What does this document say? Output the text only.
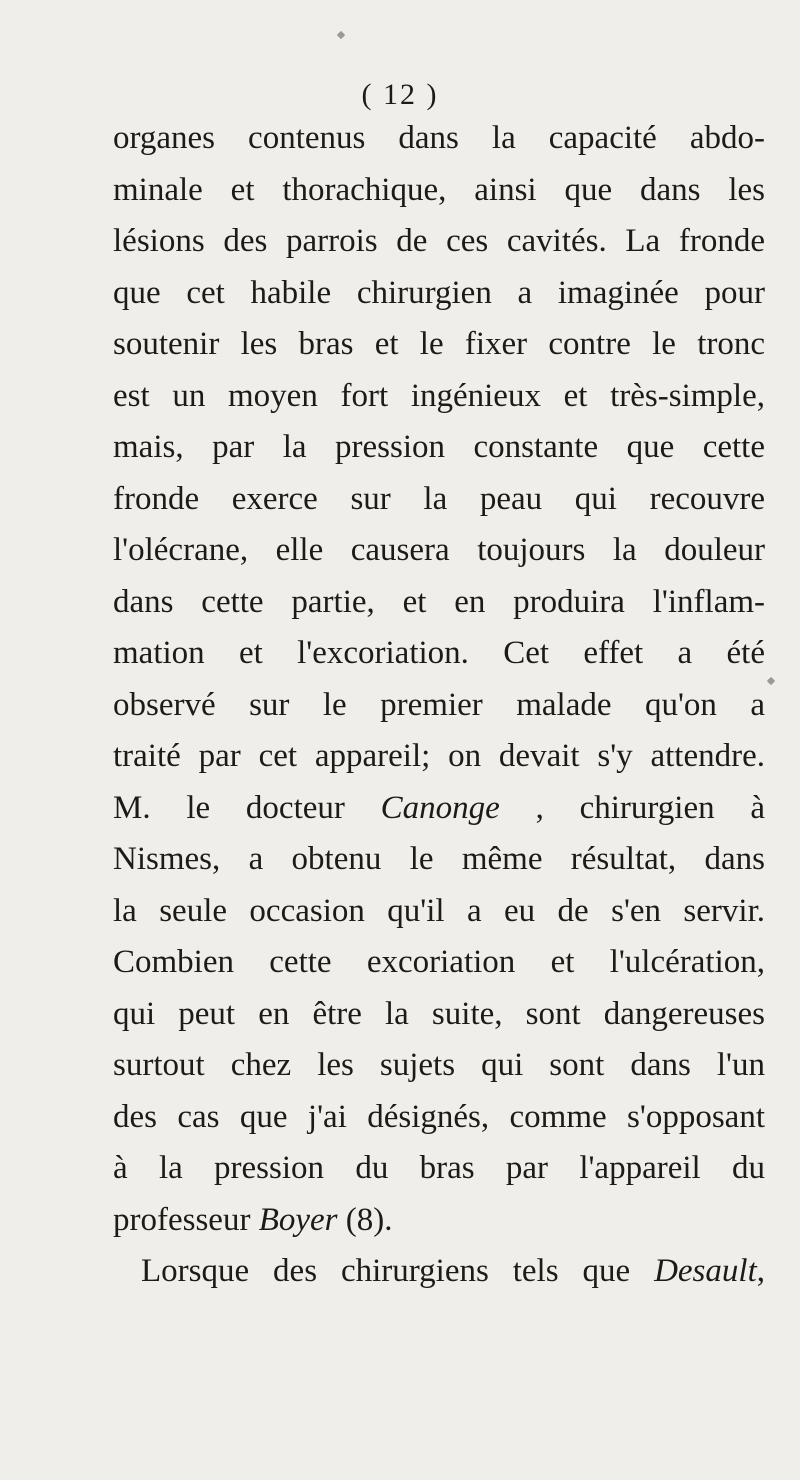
( 12 )
organes contenus dans la capacité abdo-
minale et thorachique, ainsi que dans les
lésions des parrois de ces cavités. La fronde
que cet habile chirurgien a imaginée pour
soutenir les bras et le fixer contre le tronc
est un moyen fort ingénieux et très-simple,
mais, par la pression constante que cette
fronde exerce sur la peau qui recouvre
l'olécrane, elle causera toujours la douleur
dans cette partie, et en produira l'inflam-
mation et l'excoriation. Cet effet a été
observé sur le premier malade qu'on a
traité par cet appareil; on devait s'y attendre.
M. le docteur Canonge , chirurgien à
Nismes, a obtenu le même résultat, dans
la seule occasion qu'il a eu de s'en servir.
Combien cette excoriation et l'ulcération,
qui peut en être la suite, sont dangereuses
surtout chez les sujets qui sont dans l'un
des cas que j'ai désignés, comme s'opposant
à la pression du bras par l'appareil du
professeur Boyer (8).
Lorsque des chirurgiens tels que Desault,
